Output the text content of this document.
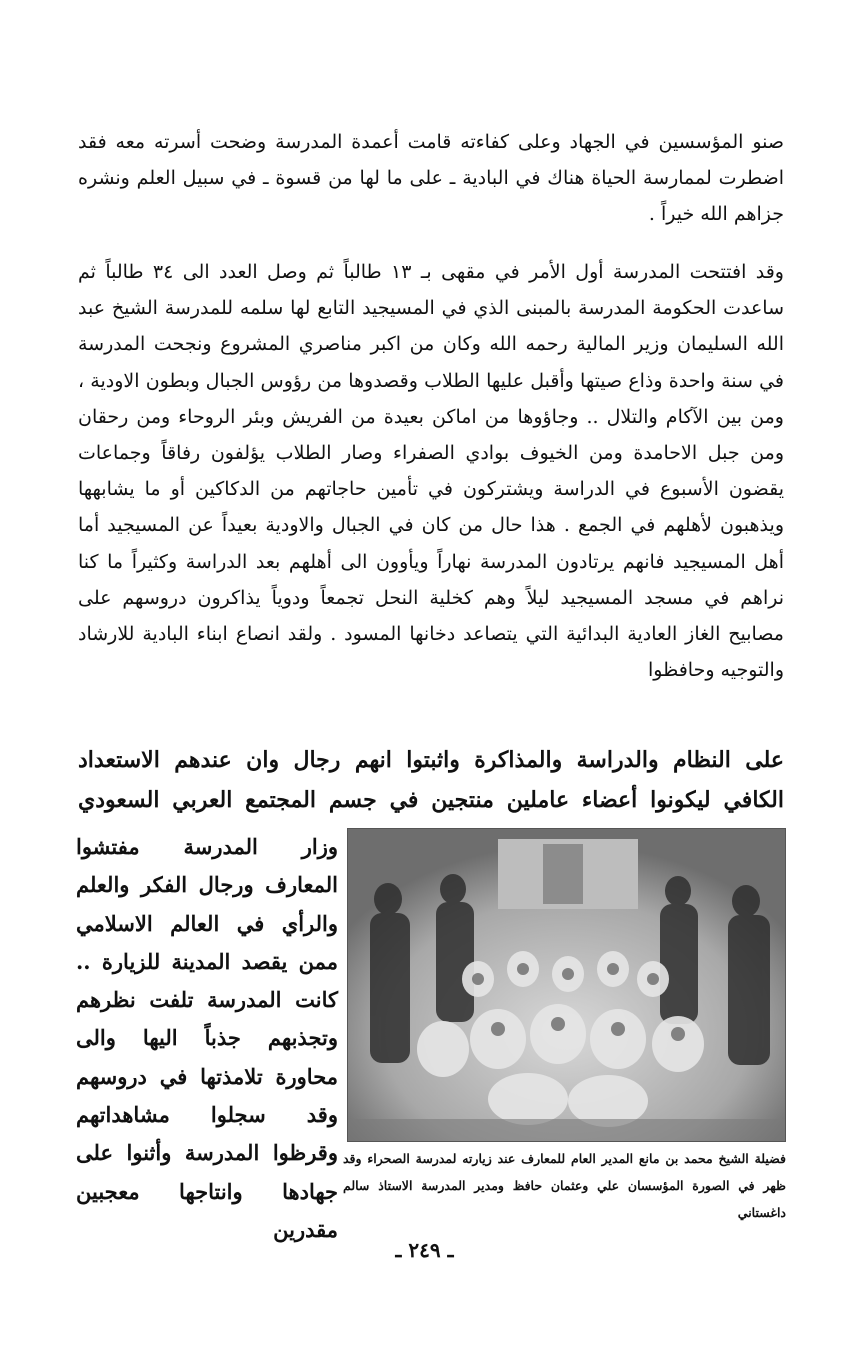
صنو المؤسسين في الجهاد وعلى كفاءته قامت أعمدة المدرسة وضحت أسرته معه فقد اضطرت لممارسة الحياة هناك في البادية ـ على ما لها من قسوة ـ في سبيل العلم ونشره جزاهم الله خيراً .

وقد افتتحت المدرسة أول الأمر في مقهى بـ ١٣ طالباً ثم وصل العدد الى ٣٤ طالباً ثم ساعدت الحكومة المدرسة بالمبنى الذي في المسيجيد التابع لها سلمه للمدرسة الشيخ عبد الله السليمان وزير المالية رحمه الله وكان من اكبر مناصري المشروع ونجحت المدرسة في سنة واحدة وذاع صيتها وأقبل عليها الطلاب وقصدوها من رؤوس الجبال وبطون الاودية ، ومن بين الآكام والتلال .. وجاؤوها من اماكن بعيدة من الفريش وبئر الروحاء ومن رحقان ومن جبل الاحامدة ومن الخيوف بوادي الصفراء وصار الطلاب يؤلفون رفاقاً وجماعات يقضون الأسبوع في الدراسة ويشتركون في تأمين حاجاتهم من الدكاكين أو ما يشابهها ويذهبون لأهلهم في الجمع . هذا حال من كان في الجبال والاودية بعيداً عن المسيجيد أما أهل المسيجيد فانهم يرتادون المدرسة نهاراً ويأوون الى أهلهم بعد الدراسة وكثيراً ما كنا نراهم في مسجد المسيجيد ليلاً وهم كخلية النحل تجمعاً ودوياً يذاكرون دروسهم على مصابيح الغاز العادية البدائية التي يتصاعد دخانها المسود . ولقد انصاع ابناء البادية للارشاد والتوجيه وحافظوا

على النظام والدراسة والمذاكرة واثبتوا انهم رجال وان عندهم الاستعداد الكافي ليكونوا أعضاء عاملين منتجين في جسم المجتمع العربي السعودي

وزار المدرسة مفتشوا المعارف ورجال الفكر والعلم والرأي في العالم الاسلامي ممن يقصد المدينة للزيارة .. كانت المدرسة تلفت نظرهم وتجذبهم جذباً اليها والى محاورة تلامذتها في دروسهم وقد سجلوا مشاهداتهم وقرظوا المدرسة وأثنوا على جهادها وانتاجها معجبين مقدرين

فضيلة الشيخ محمد بن مانع المدير العام للمعارف عند زيارته لمدرسة الصحراء وقد ظهر في الصورة المؤسسان علي وعثمان حافظ ومدير المدرسة الاستاذ سالم داغستاني

ـ ٢٤٩ ـ
